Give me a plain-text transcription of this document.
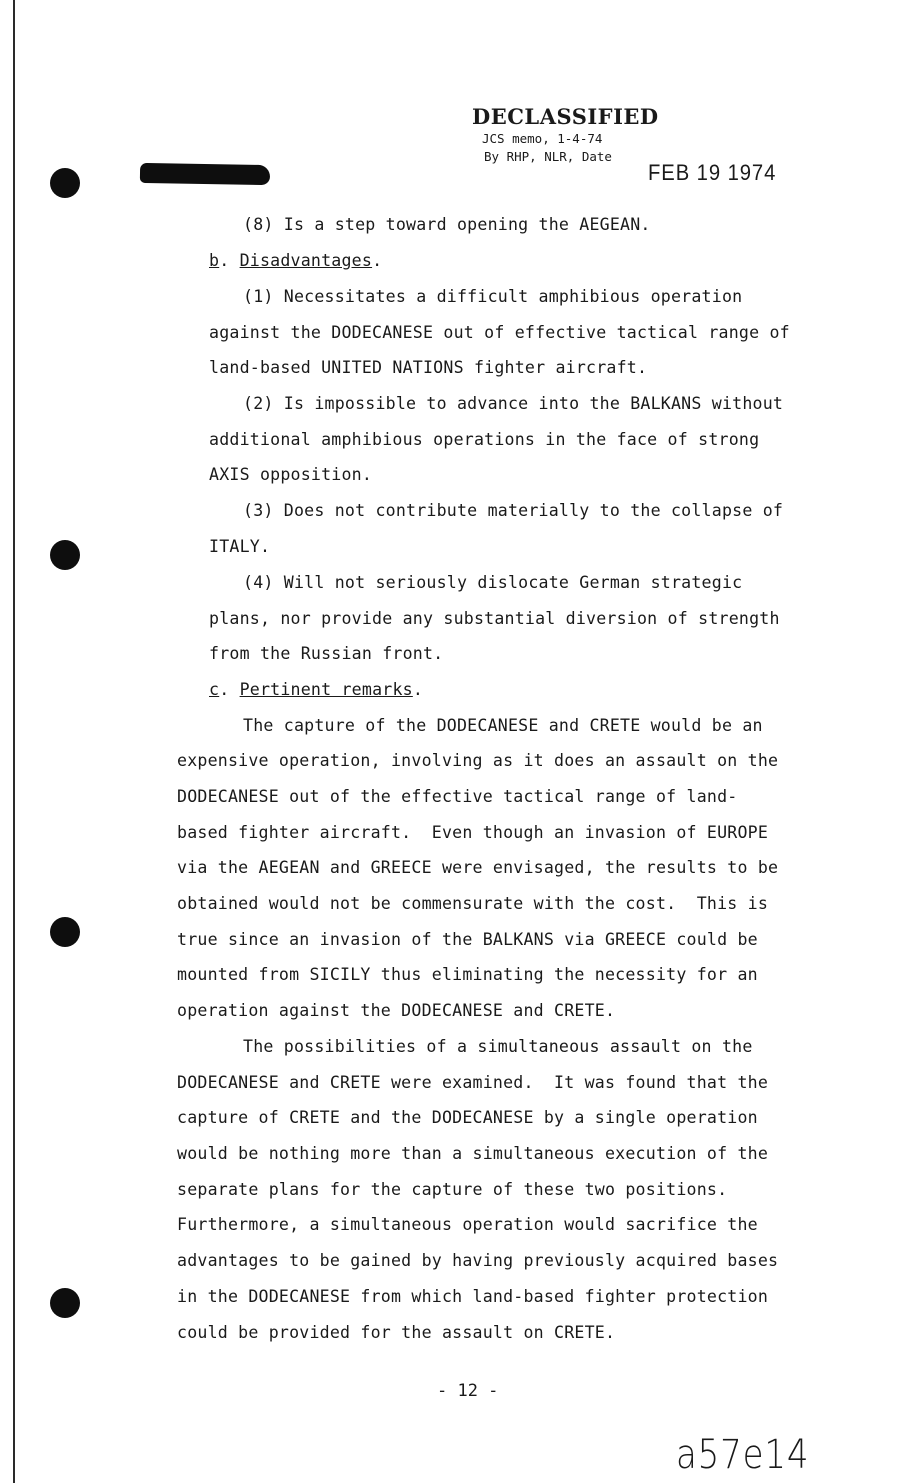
DECLASSIFIED
JCS memo, 1-4-74
By RHP, NLR, Date
FEB 19 1974
(8) Is a step toward opening the AEGEAN.
b. Disadvantages.
(1) Necessitates a difficult amphibious operation
against the DODECANESE out of effective tactical range of
land-based UNITED NATIONS fighter aircraft.
(2) Is impossible to advance into the BALKANS without
additional amphibious operations in the face of strong
AXIS opposition.
(3) Does not contribute materially to the collapse of
ITALY.
(4) Will not seriously dislocate German strategic
plans, nor provide any substantial diversion of strength
from the Russian front.
c. Pertinent remarks.
The capture of the DODECANESE and CRETE would be an
expensive operation, involving as it does an assault on the
DODECANESE out of the effective tactical range of land-
based fighter aircraft.  Even though an invasion of EUROPE
via the AEGEAN and GREECE were envisaged, the results to be
obtained would not be commensurate with the cost.  This is
true since an invasion of the BALKANS via GREECE could be
mounted from SICILY thus eliminating the necessity for an
operation against the DODECANESE and CRETE.
The possibilities of a simultaneous assault on the
DODECANESE and CRETE were examined.  It was found that the
capture of CRETE and the DODECANESE by a single operation
would be nothing more than a simultaneous execution of the
separate plans for the capture of these two positions.
Furthermore, a simultaneous operation would sacrifice the
advantages to be gained by having previously acquired bases
in the DODECANESE from which land-based fighter protection
could be provided for the assault on CRETE.
- 12 -
a57e14
